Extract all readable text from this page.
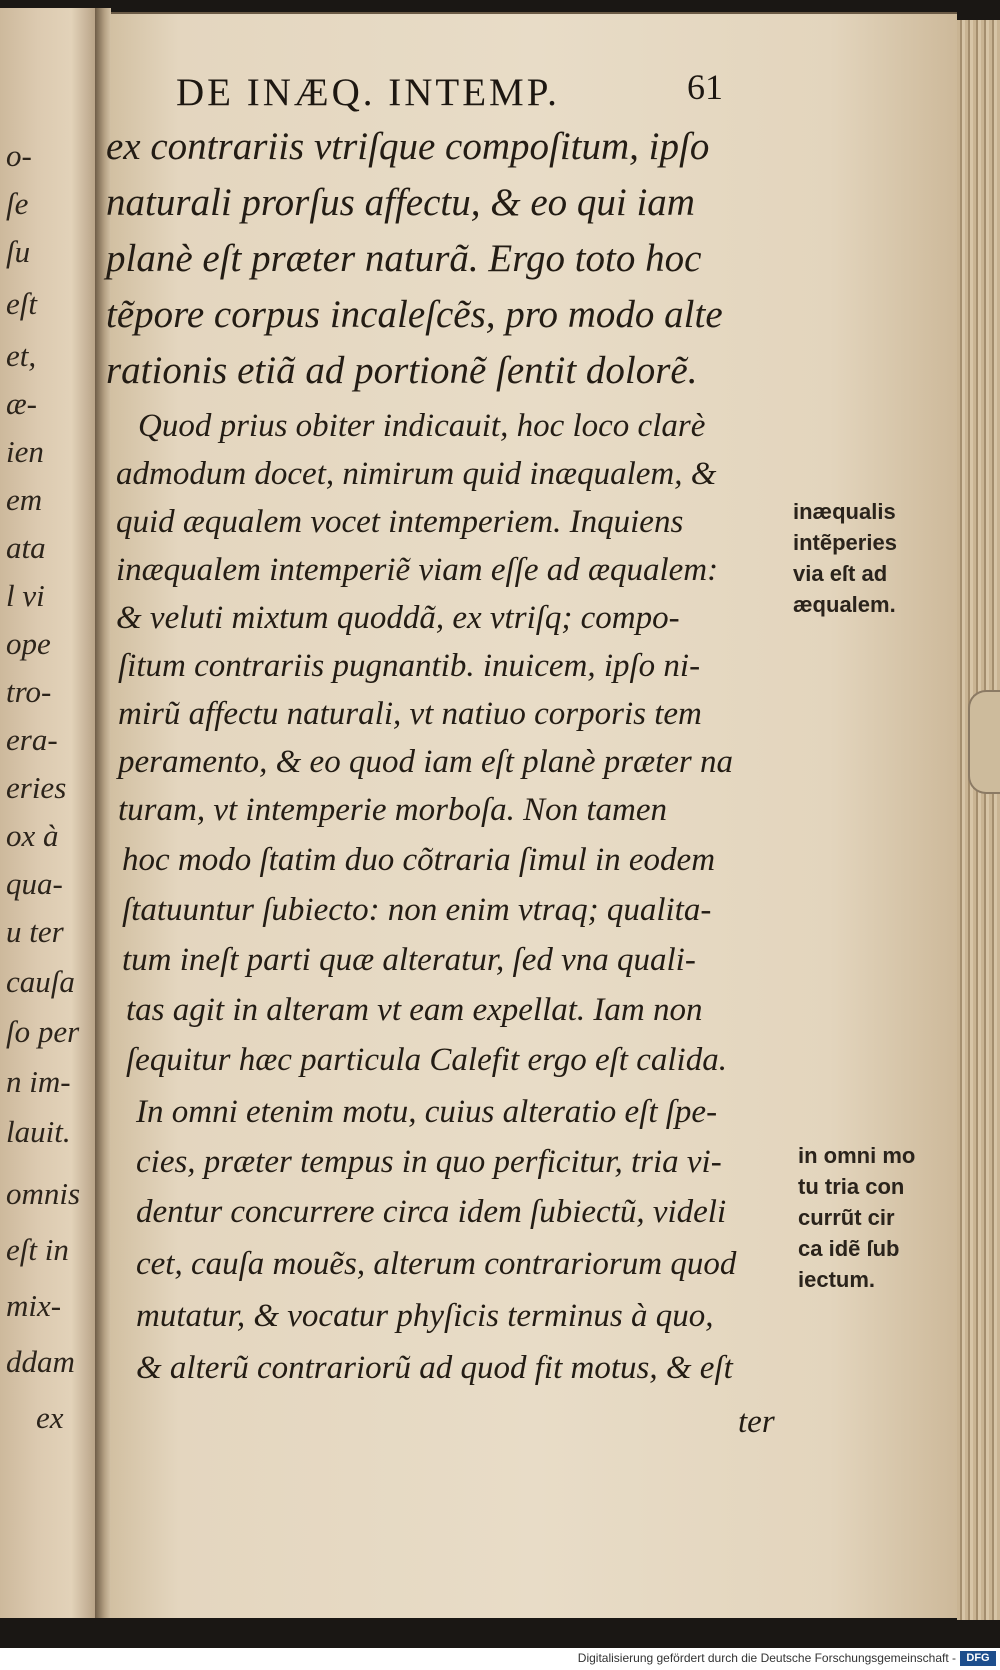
o-
ſe
ſu
eſt
et,
æ-
ien
em
ata
l vi
ope
tro-
era-
eries
ox à
qua-
u ter
cauſa
ſo per
n im-
lauit.
omnis
eſt in
mix-
ddam
ex
DE INÆQ. INTEMP.	61
ex contrariis vtriſque compoſitum, ipſo
naturali prorſus affectu, & eo qui iam
planè eſt præter naturã. Ergo toto hoc
tẽpore corpus incaleſcẽs, pro modo alte
rationis etiã ad portionẽ ſentit dolorẽ.
Quod prius obiter indicauit, hoc loco clarè
admodum docet, nimirum quid inæqualem, &
quid æqualem vocet intemperiem. Inquiens
inæqualem intemperiẽ viam eſſe ad æqualem:
& veluti mixtum quoddã, ex vtriſq; compo-
ſitum contrariis pugnantib. inuicem, ipſo ni-
mirũ affectu naturali, vt natiuo corporis tem
peramento, & eo quod iam eſt planè præter na
turam, vt intemperie morboſa. Non tamen
hoc modo ſtatim duo cõtraria ſimul in eodem
ſtatuuntur ſubiecto: non enim vtraq; qualita-
tum ineſt parti quæ alteratur, ſed vna quali-
tas agit in alteram vt eam expellat. Iam non
ſequitur hæc particula Calefit ergo eſt calida.
In omni etenim motu, cuius alteratio eſt ſpe-
cies, præter tempus in quo perficitur, tria vi-
dentur concurrere circa idem ſubiectũ, videli
cet, cauſa mouẽs, alterum contrariorum quod
mutatur, & vocatur phyſicis terminus à quo,
& alterũ contrariorũ ad quod fit motus, & eſt
ter
inæqualis
intẽperies
via eſt ad
æqualem.
in omni mo
tu tria con
currũt cir
ca idẽ ſub
iectum.
Digitalisierung gefördert durch die Deutsche Forschungsgemeinschaft - DFG
